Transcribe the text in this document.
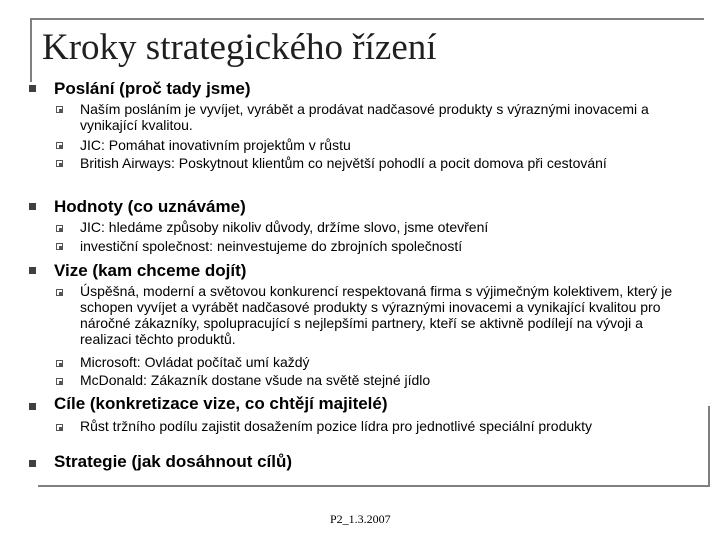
Kroky strategického řízení
Poslání (proč tady jsme)
Naším posláním je vyvíjet, vyrábět a prodávat nadčasové produkty s výraznými inovacemi a vynikající kvalitou.
JIC: Pomáhat inovativním projektům v růstu
British Airways: Poskytnout klientům co největší pohodlí a pocit domova při cestování
Hodnoty (co uznáváme)
JIC: hledáme způsoby nikoliv důvody, držíme slovo, jsme otevření
investiční společnost: neinvestujeme do zbrojních společností
Vize (kam chceme dojít)
Úspěšná, moderní a světovou konkurencí respektovaná firma s výjimečným kolektivem, který je schopen vyvíjet a vyrábět nadčasové produkty s výraznými inovacemi a vynikající kvalitou pro náročné zákazníky, spolupracující s nejlepšími partnery, kteří se aktivně podílejí na vývoji a realizaci těchto produktů.
Microsoft: Ovládat počítač umí každý
McDonald: Zákazník dostane všude na světě stejné jídlo
Cíle (konkretizace vize, co chtějí majitelé)
Růst tržního podílu zajistit dosažením pozice lídra pro jednotlivé speciální produkty
Strategie (jak dosáhnout cílů)
P2_1.3.2007
